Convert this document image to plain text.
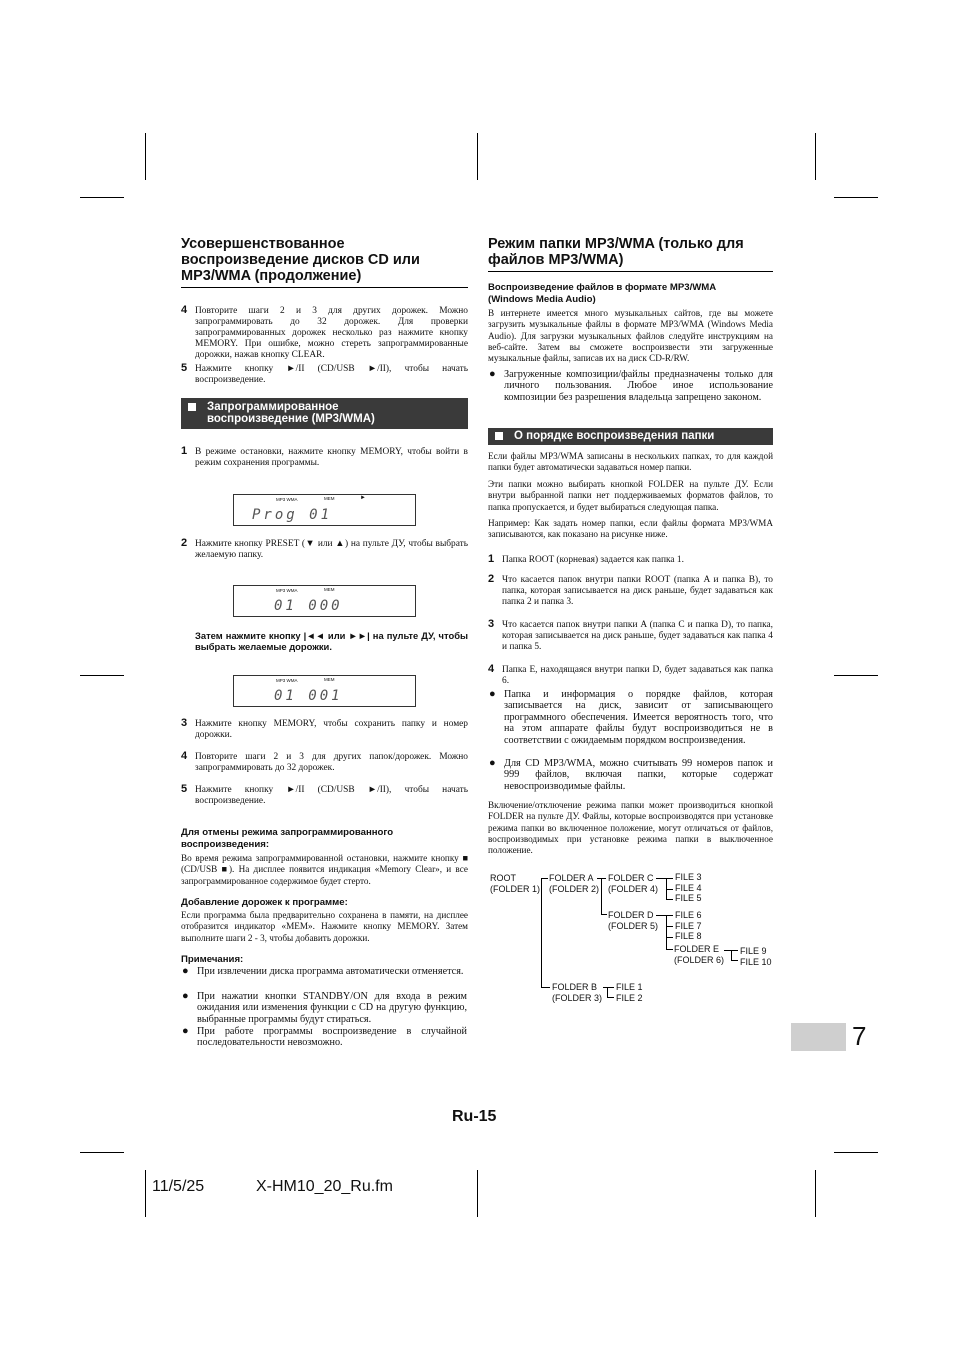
Усовершенствованное
воспроизведение дисков CD или
MP3/WMA (продолжение)
4 Повторите шаги 2 и 3 для других дорожек. Можно запрограммировать до 32 дорожек. Для проверки запрограммированных дорожек несколько раз нажмите кнопку MEMORY. При ошибке, можно стереть запрограммированные дорожки, нажав кнопку CLEAR.
5 Нажмите кнопку ►/II (CD/USB ►/II), чтобы начать воспроизведение.
Запрограммированное
воспроизведение (MP3/WMA)
1 В режиме остановки, нажмите кнопку MEMORY, чтобы войти в режим сохранения программы.
MP3 WMA	MEM	►
Prog 01
2 Нажмите кнопку PRESET (▼ или ▲) на пульте ДУ, чтобы выбрать желаемую папку.
MP3 WMA	MEM
01 000
Затем нажмите кнопку |◄◄ или ►►| на пульте ДУ, чтобы выбрать желаемые дорожки.
MP3 WMA	MEM
01 001
3 Нажмите кнопку MEMORY, чтобы сохранить папку и номер дорожки.
4 Повторите шаги 2 и 3 для других папок/дорожек. Можно запрограммировать до 32 дорожек.
5 Нажмите кнопку ►/II (CD/USB ►/II), чтобы начать воспроизведение.
Для отмены режима запрограммированного воспроизведения:
Во время режима запрограммированной остановки, нажмите кнопку ■ (CD/USB ■). На дисплее появится индикация «Memory Clear», и все запрограммированное содержимое будет стерто.
Добавление дорожек к программе:
Если программа была предварительно сохранена в памяти, на дисплее отобразится индикатор «MEM». Нажмите кнопку MEMORY. Затем выполните шаги 2 - 3, чтобы добавить дорожки.
Примечания:
● При извлечении диска программа автоматически отменяется.
● При нажатии кнопки STANDBY/ON для входа в режим ожидания или изменения функции с CD на другую функцию, выбранные программы будут стираться.
● При работе программы воспроизведение в случайной последовательности невозможно.
Режим папки MP3/WMA (только для
файлов MP3/WMA)
Воспроизведение файлов в формате MP3/WMA
(Windows Media Audio)
В интернете имеется много музыкальных сайтов, где вы можете загрузить музыкальные файлы в формате MP3/WMA (Windows Media Audio). Для загрузки музыкальных файлов следуйте инструкциям на веб-сайте. Затем вы сможете воспроизвести эти загруженные музыкальные файлы, записав их на диск CD-R/RW.
● Загруженные композиции/файлы предназначены только для личного пользования. Любое иное использование композиции без разрешения владельца запрещено законом.
О порядке воспроизведения папки
Если файлы MP3/WMA записаны в нескольких папках, то для каждой папки будет автоматически задаваться номер папки.
Эти папки можно выбирать кнопкой FOLDER на пульте ДУ. Если внутри выбранной папки нет поддерживаемых форматов файлов, то папка пропускается, и будет выбираться следующая папка.
Например: Как задать номер папки, если файлы формата MP3/WMA записываются, как показано на рисунке ниже.
1 Папка ROOT (корневая) задается как папка 1.
2 Что касается папок внутри папки ROOT (папка A и папка B), то папка, которая записывается на диск раньше, будет задаваться как папка 2 и папка 3.
3 Что касается папок внутри папки A (папка C и папка D), то папка, которая записывается на диск раньше, будет задаваться как папка 4 и папка 5.
4 Папка E, находящаяся внутри папки D, будет задаваться как папка 6.
● Папка и информация о порядке файлов, которая записывается на диск, зависит от записывающего программного обеспечения. Имеется вероятность того, что на этом аппарате файлы будут воспроизводиться не в соответствии с ожидаемым порядком воспроизведения.
● Для CD MP3/WMA, можно считывать 99 номеров папок и 999 файлов, включая папки, которые содержат невоспроизводимые файлы.
Включение/отключение режима папки может производиться кнопкой FOLDER на пульте ДУ. Файлы, которые воспроизводятся при установке режима папки во включенное положение, могут отличаться от файлов, воспроизводимых при установке режима папки в выключенное положение.
ROOT
(FOLDER 1)
FOLDER A
(FOLDER 2)
FOLDER C
(FOLDER 4)
FOLDER D
(FOLDER 5)
FOLDER E
(FOLDER 6)
FOLDER B
(FOLDER 3)
FILE 3
FILE 4
FILE 5
FILE 6
FILE 7
FILE 8
FILE 9
FILE 10
FILE 1
FILE 2
7
Ru-15
11/5/25	X-HM10_20_Ru.fm
